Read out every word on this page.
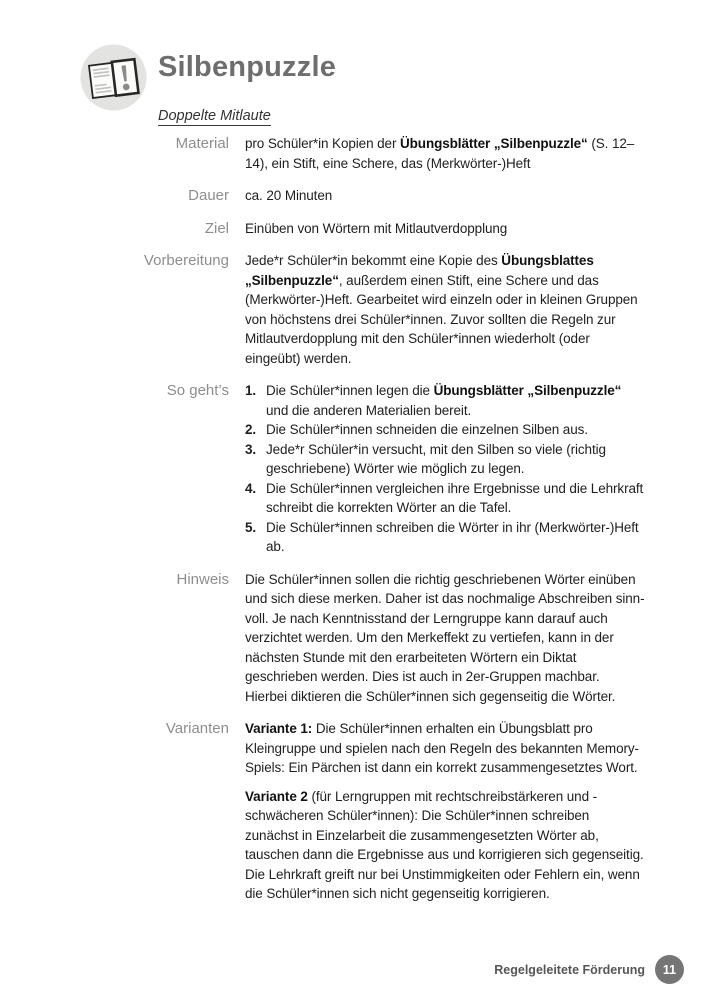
Silbenpuzzle

Doppelte Mitlaute
Material	pro Schüler*in Kopien der Übungsblätter „Silbenpuzzle“ (S. 12–14), ein Stift, eine Schere, das (Merkwörter-)Heft
Dauer	ca. 20 Minuten
Ziel	Einüben von Wörtern mit Mitlautverdopplung
Vorbereitung	Jede*r Schüler*in bekommt eine Kopie des Übungsblattes „Silbenpuzzle“, außerdem einen Stift, eine Schere und das (Merkwörter-)Heft. Gearbeitet wird einzeln oder in kleinen Gruppen von höchstens drei Schüler*innen. Zuvor sollten die Regeln zur Mitlautverdopplung mit den Schüler*innen wiederholt (oder eingeübt) werden.
So geht’s	1. Die Schüler*innen legen die Übungsblätter „Silbenpuzzle“ und die anderen Materialien bereit.
2. Die Schüler*innen schneiden die einzelnen Silben aus.
3. Jede*r Schüler*in versucht, mit den Silben so viele (richtig geschriebene) Wörter wie möglich zu legen.
4. Die Schüler*innen vergleichen ihre Ergebnisse und die Lehrkraft schreibt die korrekten Wörter an die Tafel.
5. Die Schüler*innen schreiben die Wörter in ihr (Merkwörter-)Heft ab.
Hinweis	Die Schüler*innen sollen die richtig geschriebenen Wörter einüben und sich diese merken. Daher ist das nochmalige Abschreiben sinnvoll. Je nach Kenntnisstand der Lerngruppe kann darauf auch verzichtet werden. Um den Merkeffekt zu vertiefen, kann in der nächsten Stunde mit den erarbeiteten Wörtern ein Diktat geschrieben werden. Dies ist auch in 2er-Gruppen machbar. Hierbei diktieren die Schüler*innen sich gegenseitig die Wörter.
Varianten	Variante 1: Die Schüler*innen erhalten ein Übungsblatt pro Kleingruppe und spielen nach den Regeln des bekannten Memory-Spiels: Ein Pärchen ist dann ein korrekt zusammengesetztes Wort.
Variante 2 (für Lerngruppen mit rechtschreibstärkeren und -schwächeren Schüler*innen): Die Schüler*innen schreiben zunächst in Einzelarbeit die zusammengesetzten Wörter ab, tauschen dann die Ergebnisse aus und korrigieren sich gegenseitig. Die Lehrkraft greift nur bei Unstimmigkeiten oder Fehlern ein, wenn die Schüler*innen sich nicht gegenseitig korrigieren.
Regelgeleitete Förderung	11
